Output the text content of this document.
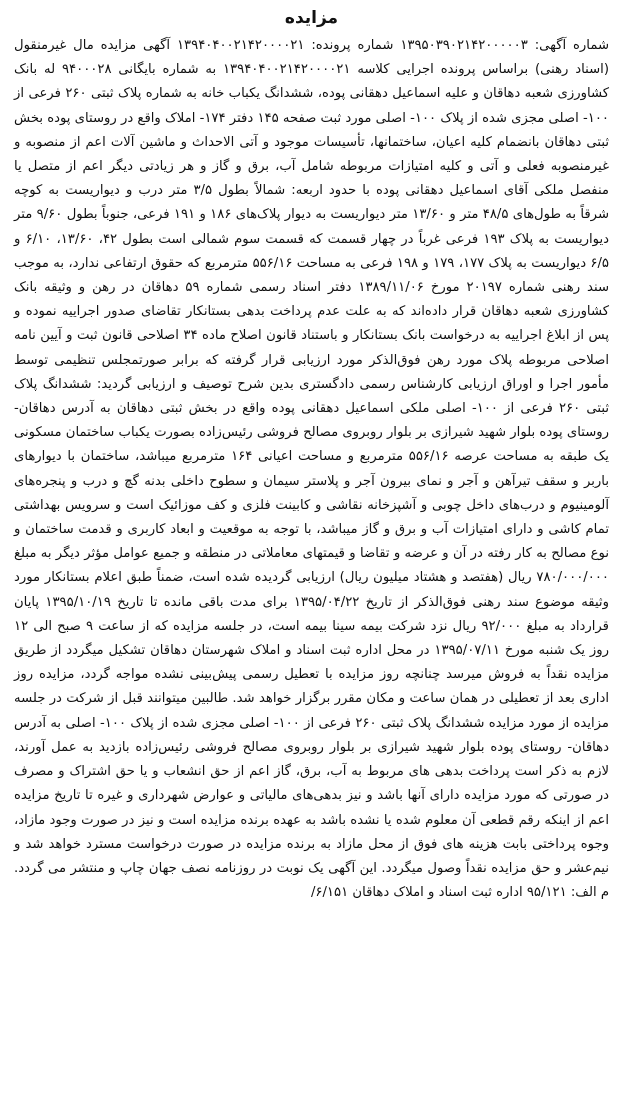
مزایده

شماره آگهی: ۱۳۹۵۰۳۹۰۲۱۴۲۰۰۰۰۰۳ شماره پرونده: ۱۳۹۴۰۴۰۰۲۱۴۲۰۰۰۰۲۱ آگهی مزایده مال غیرمنقول (اسناد رهنی) براساس پرونده اجرایی کلاسه ۱۳۹۴۰۴۰۰۲۱۴۲۰۰۰۰۲۱ به شماره بایگانی ۹۴۰۰۰۲۸ له بانک کشاورزی شعبه دهاقان و علیه اسماعیل دهقانی پوده، ششدانگ یکباب خانه به شماره پلاک ثبتی ۲۶۰ فرعی از ۱۰۰- اصلی مجزی شده از پلاک ۱۰۰- اصلی مورد ثبت صفحه ۱۴۵ دفتر ۱۷۴- املاک واقع در روستای پوده بخش ثبتی دهاقان بانضمام کلیه اعیان، ساختمانها، تأسیسات موجود و آتی الاحداث و ماشین آلات اعم از منصوبه و غیرمنصوبه فعلی و آتی و کلیه امتیازات مربوطه شامل آب، برق و گاز و هر زیادتی دیگر اعم از متصل یا منفصل ملکی آقای اسماعیل دهقانی پوده با حدود اربعه: شمالاً بطول ۳/۵ متر درب و دیواریست به کوچه شرقاً به طول‌های ۴۸/۵ متر و ۱۳/۶۰ متر دیواریست به دیوار پلاک‌های ۱۸۶ و ۱۹۱ فرعی، جنوباً بطول ۹/۶۰ متر دیواریست به پلاک ۱۹۳ فرعی غرباً در چهار قسمت که قسمت سوم شمالی است بطول ۴۲، ۱۳/۶۰، ۶/۱۰ و ۶/۵ دیواریست به پلاک ۱۷۷، ۱۷۹ و ۱۹۸ فرعی به مساحت ۵۵۶/۱۶ مترمربع که حقوق ارتفاعی ندارد، به موجب سند رهنی شماره ۲۰۱۹۷ مورخ ۱۳۸۹/۱۱/۰۶ دفتر اسناد رسمی شماره ۵۹ دهاقان در رهن و وثیقه بانک کشاورزی شعبه دهاقان قرار داده‌اند که به علت عدم پرداخت بدهی بستانکار تقاضای صدور اجراییه نموده و پس از ابلاغ اجراییه به درخواست بانک بستانکار و باستناد قانون اصلاح ماده ۳۴ اصلاحی قانون ثبت و آیین نامه اصلاحی مربوطه پلاک مورد رهن فوق‌الذکر مورد ارزیابی قرار گرفته که برابر صورتمجلس تنظیمی توسط مأمور اجرا و اوراق ارزیابی کارشناس رسمی دادگستری بدین شرح توصیف و ارزیابی گردید: ششدانگ پلاک ثبتی ۲۶۰ فرعی از ۱۰۰- اصلی ملکی اسماعیل دهقانی پوده واقع در بخش ثبتی دهاقان به آدرس دهاقان- روستای پوده بلوار شهید شیرازی بر بلوار روبروی مصالح فروشی رئیس‌زاده بصورت یکباب ساختمان مسکونی یک طبقه به مساحت عرصه ۵۵۶/۱۶ مترمربع و مساحت اعیانی ۱۶۴ مترمربع میباشد، ساختمان با دیوارهای باربر و سقف تیرآهن و آجر و نمای بیرون آجر و پلاستر سیمان و سطوح داخلی بدنه گچ و درب و پنجره‌های آلومینیوم و درب‌های داخل چوبی و آشپزخانه نقاشی و کابینت فلزی و کف موزائیک است و سرویس بهداشتی تمام کاشی و دارای امتیازات آب و برق و گاز میباشد، با توجه به موقعیت و ابعاد کاربری و قدمت ساختمان و نوع مصالح به کار رفته در آن و عرضه و تقاضا و قیمتهای معاملاتی در منطقه و جمیع عوامل مؤثر دیگر به مبلغ ۷۸۰/۰۰۰/۰۰۰ ریال (هفتصد و هشتاد میلیون ریال) ارزیابی گردیده شده است، ضمناً طبق اعلام بستانکار مورد وثیقه موضوع سند رهنی فوق‌الذکر از تاریخ ۱۳۹۵/۰۴/۲۲ برای مدت باقی مانده تا تاریخ ۱۳۹۵/۱۰/۱۹ پایان قرارداد به مبلغ ۹۲/۰۰۰ ریال نزد شرکت بیمه سینا بیمه است، در جلسه مزایده که از ساعت ۹ صبح الی ۱۲ روز یک شنبه مورخ ۱۳۹۵/۰۷/۱۱ در محل اداره ثبت اسناد و املاک شهرستان دهاقان تشکیل میگردد از طریق مزایده نقداً به فروش میرسد چنانچه روز مزایده با تعطیل رسمی پیش‌بینی نشده مواجه گردد، مزایده روز اداری بعد از تعطیلی در همان ساعت و مکان مقرر برگزار خواهد شد. طالبین میتوانند قبل از شرکت در جلسه مزایده از مورد مزایده ششدانگ پلاک ثبتی ۲۶۰ فرعی از ۱۰۰- اصلی مجزی شده از پلاک ۱۰۰- اصلی به آدرس دهاقان- روستای پوده بلوار شهید شیرازی بر بلوار روبروی مصالح فروشی رئیس‌زاده بازدید به عمل آورند، لازم به ذکر است پرداخت بدهی های مربوط به آب، برق، گاز اعم از حق انشعاب و یا حق اشتراک و مصرف در صورتی که مورد مزایده دارای آنها باشد و نیز بدهی‌های مالیاتی و عوارض شهرداری و غیره تا تاریخ مزایده اعم از اینکه رقم قطعی آن معلوم شده یا نشده باشد به عهده برنده مزایده است و نیز در صورت وجود مازاد، وجوه پرداختی بابت هزینه های فوق از محل مازاد به برنده مزایده در صورت درخواست مسترد خواهد شد و نیم‌عشر و حق مزایده نقداً وصول میگردد. این آگهی یک نوبت در روزنامه نصف جهان چاپ و منتشر می گردد. م الف: ۹۵/۱۲۱ اداره ثبت اسناد و املاک دهاقان ۶/۱۵۱/
